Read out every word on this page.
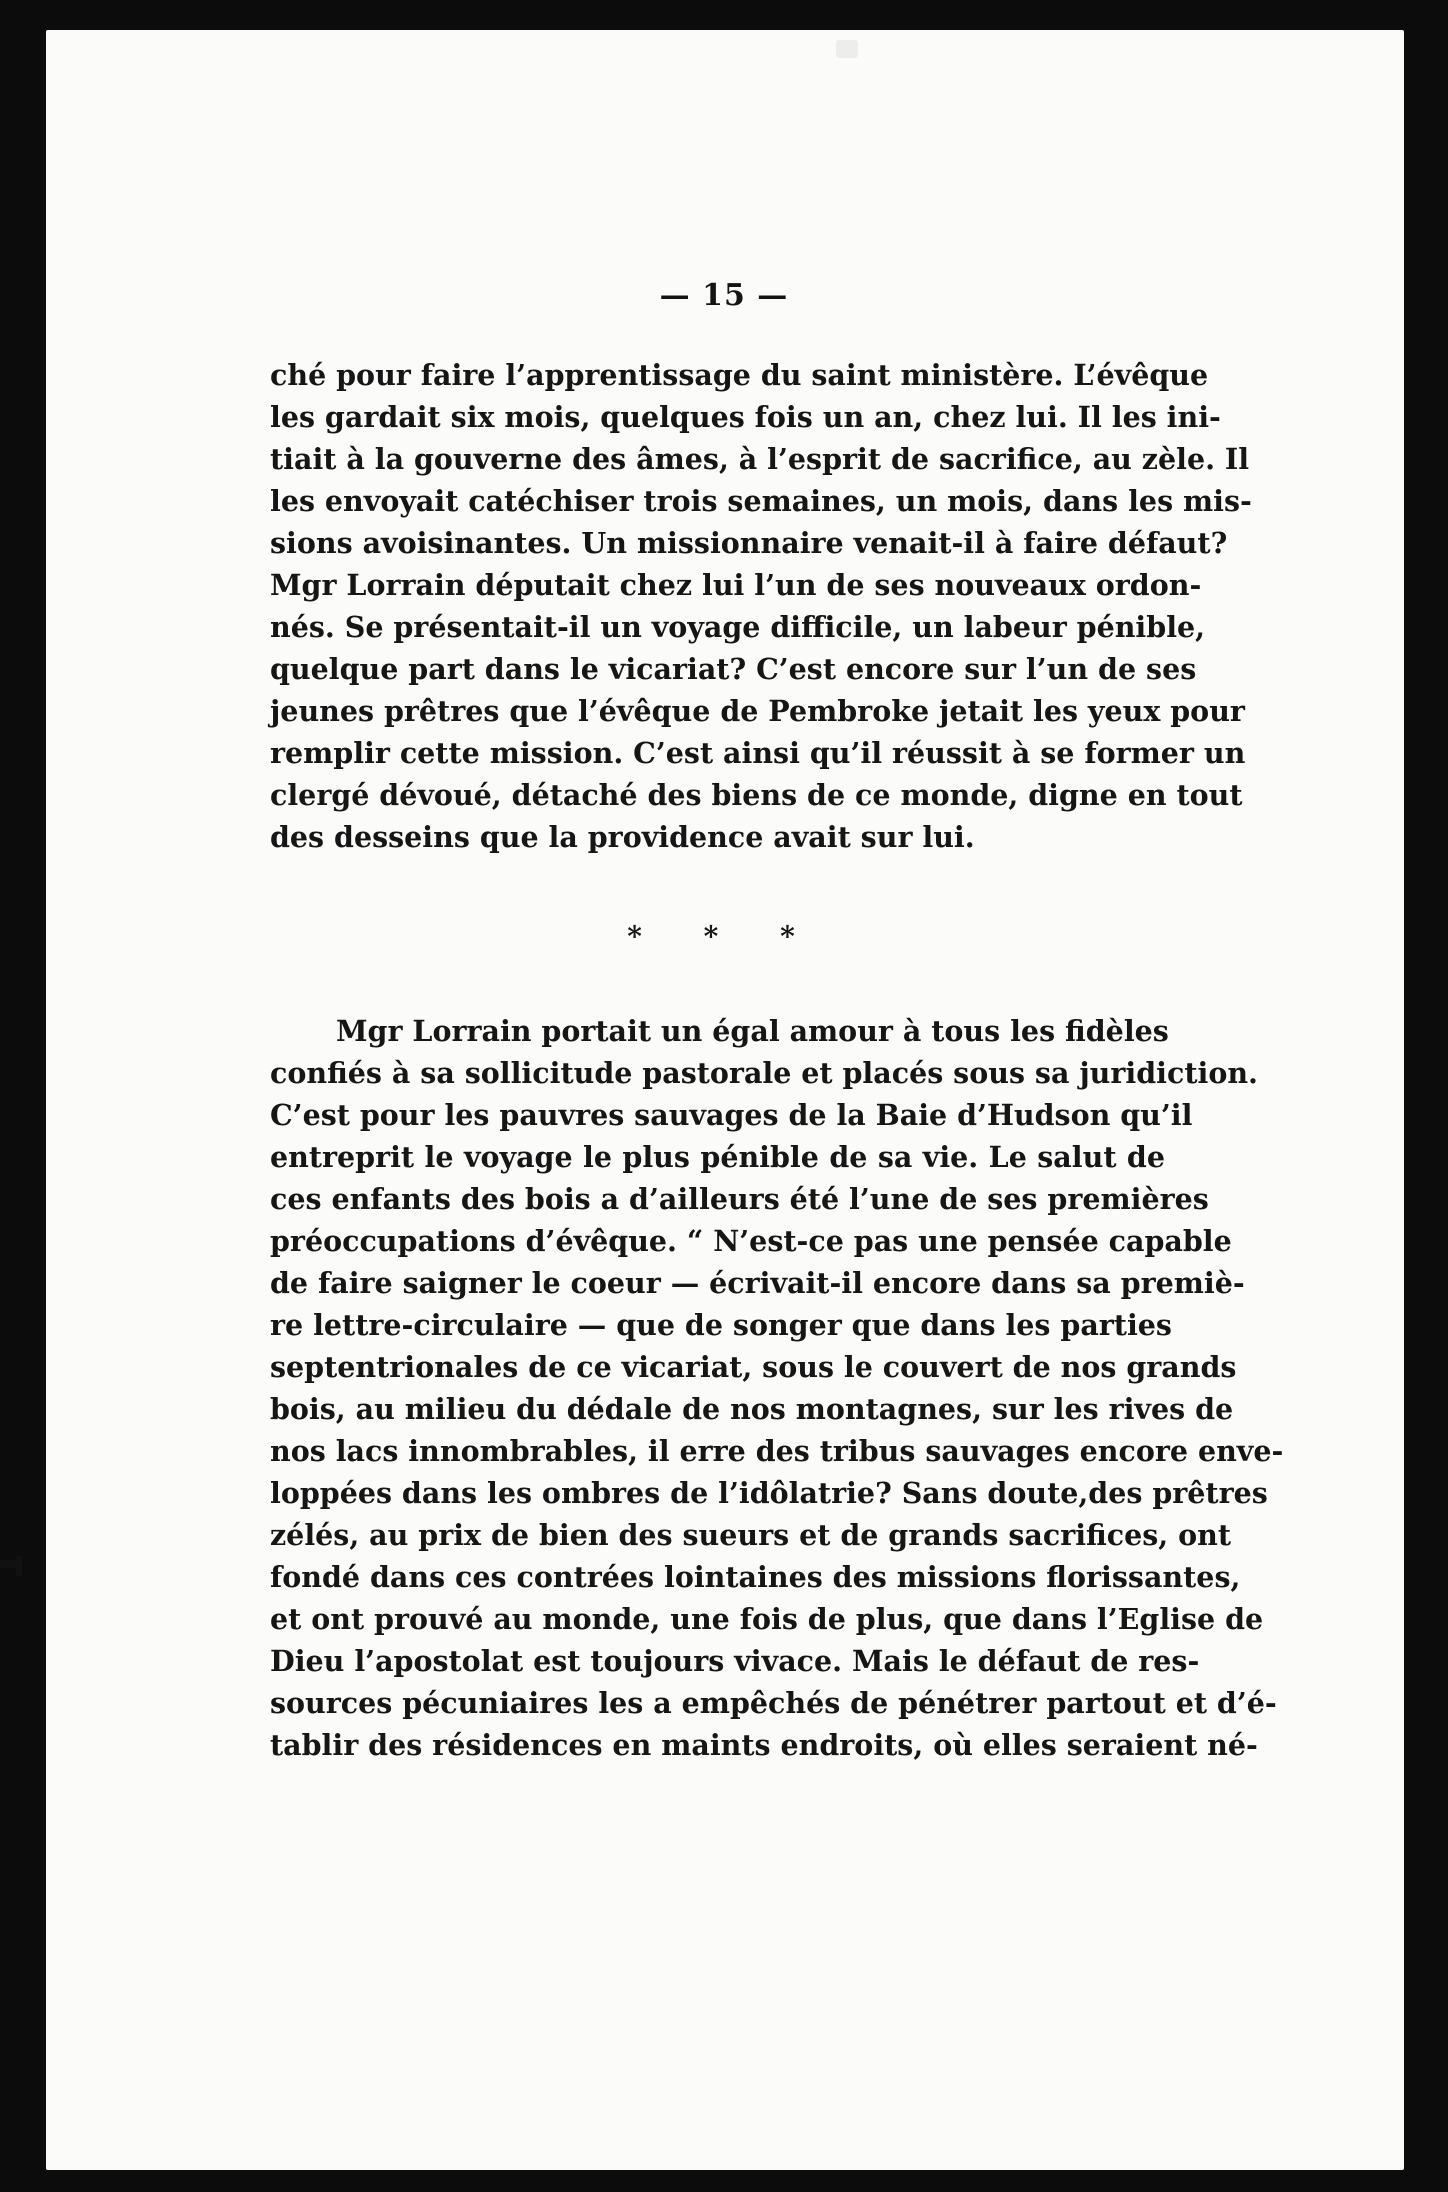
— 15 —
ché pour faire l’apprentissage du saint ministère. L’évêque
les gardait six mois, quelques fois un an, chez lui. Il les ini-
tiait à la gouverne des âmes, à l’esprit de sacrifice, au zèle. Il
les envoyait catéchiser trois semaines, un mois, dans les mis-
sions avoisinantes. Un missionnaire venait-il à faire défaut?
Mgr Lorrain députait chez lui l’un de ses nouveaux ordon-
nés. Se présentait-il un voyage difficile, un labeur pénible,
quelque part dans le vicariat? C’est encore sur l’un de ses
jeunes prêtres que l’évêque de Pembroke jetait les yeux pour
remplir cette mission. C’est ainsi qu’il réussit à se former un
clergé dévoué, détaché des biens de ce monde, digne en tout
des desseins que la providence avait sur lui.
* * *
Mgr Lorrain portait un égal amour à tous les fidèles
confiés à sa sollicitude pastorale et placés sous sa juridiction.
C’est pour les pauvres sauvages de la Baie d’Hudson qu’il
entreprit le voyage le plus pénible de sa vie. Le salut de
ces enfants des bois a d’ailleurs été l’une de ses premières
préoccupations d’évêque. “ N’est-ce pas une pensée capable
de faire saigner le coeur — écrivait-il encore dans sa premiè-
re lettre-circulaire — que de songer que dans les parties
septentrionales de ce vicariat, sous le couvert de nos grands
bois, au milieu du dédale de nos montagnes, sur les rives de
nos lacs innombrables, il erre des tribus sauvages encore enve-
loppées dans les ombres de l’idôlatrie? Sans doute,des prêtres
zélés, au prix de bien des sueurs et de grands sacrifices, ont
fondé dans ces contrées lointaines des missions florissantes,
et ont prouvé au monde, une fois de plus, que dans l’Eglise de
Dieu l’apostolat est toujours vivace. Mais le défaut de res-
sources pécuniaires les a empêchés de pénétrer partout et d’é-
tablir des résidences en maints endroits, où elles seraient né-
